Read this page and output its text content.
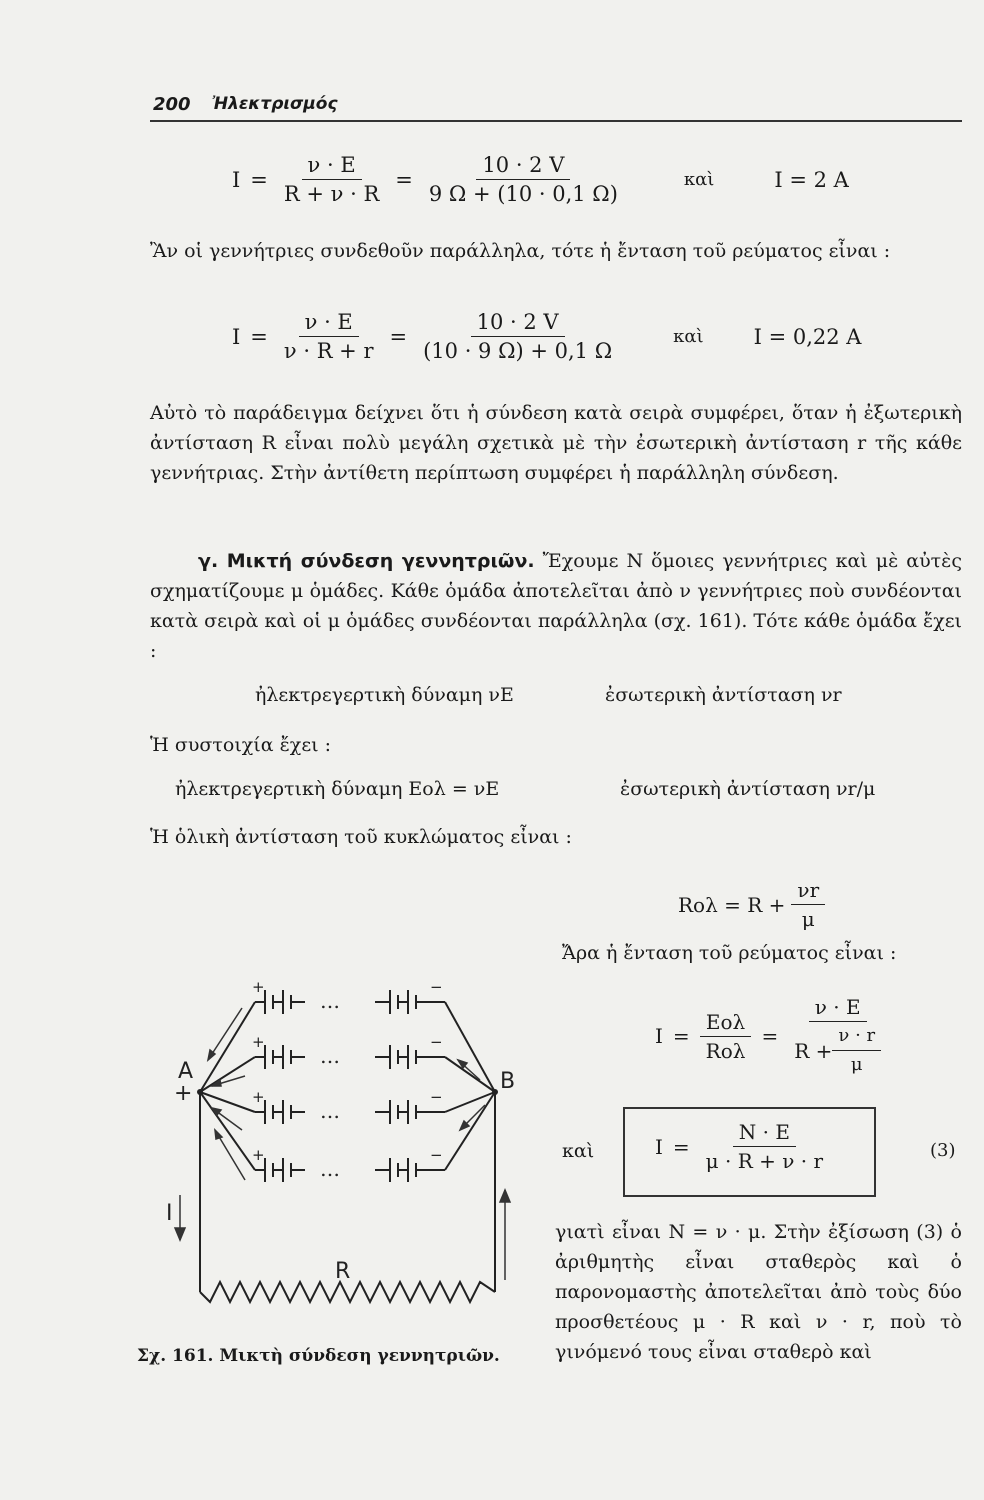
200 Ἠλεκτρισμός
$I = \frac{\nu \cdot E}{R + \nu \cdot R} = \frac{10 \cdot 2 V}{9 \Omega + (10 \cdot 0,1 \Omega)}$	καὶ	I = 2 A
Ἂν οἱ γεννήτριες συνδεθοῦν παράλληλα, τότε ἡ ἔνταση τοῦ ρεύματος εἶναι :
$I = \frac{\nu \cdot E}{\nu \cdot R + r} = \frac{10 \cdot 2 V}{(10 \cdot 9 \Omega) + 0,1 \Omega}$	καὶ I = 0,22 A
Αὐτὸ τὸ παράδειγμα δείχνει ὅτι ἡ σύνδεση κατὰ σειρὰ συμφέρει, ὅταν ἡ ἐξωτερικὴ ἀντίσταση R εἶναι πολὺ μεγάλη σχετικὰ μὲ τὴν ἐσωτερικὴ ἀντίσταση r τῆς κάθε γεννήτριας. Στὴν ἀντίθετη περίπτωση συμφέρει ἡ παράλληλη σύνδεση.
γ. Μικτή σύνδεση γεννητριῶν. Ἔχουμε N ὅμοιες γεννήτριες καὶ μὲ αὐτὲς σχηματίζουμε μ ὁμάδες. Κάθε ὁμάδα ἀποτελεῖται ἀπὸ ν γεννήτριες ποὺ συνδέονται κατὰ σειρὰ καὶ οἱ μ ὁμάδες συνδέονται παράλληλα (σχ. 161). Τότε κάθε ὁμάδα ἔχει :
ἠλεκτρεγερτικὴ δύναμη νE	ἐσωτερικὴ ἀντίσταση νr
Ἡ συστοιχία ἔχει :
ἠλεκτρεγερτικὴ δύναμη Eολ = νE	ἐσωτερικὴ ἀντίσταση νr/μ
Ἡ ὁλικὴ ἀντίσταση τοῦ κυκλώματος εἶναι :
$Ro\lambda = R + \frac{\nu r}{\mu}$
Ἄρα ἡ ἔνταση τοῦ ρεύματος εἶναι :
$I = \frac{\text{Eολ}}{\text{Rολ}} = \frac{\nu \cdot E}{R + \frac{\nu \cdot r}{\mu}}$
καὶ	$I = \frac{N \cdot E}{\mu \cdot R + \nu \cdot r}$	(3)
γιατὶ εἶναι N = ν · μ. Στὴν ἐξίσωση (3) ὁ ἀριθμητὴς εἶναι σταθερὸς καὶ ὁ παρονομαστὴς ἀποτελεῖται ἀπὸ τοὺς δύο προσθετέους μ · R καὶ ν · r, ποὺ τὸ γινόμενό τους εἶναι σταθερὸ καὶ
…
…
…
…
+	−
+	−
+	−
+	−
A
+	B
R
I
Σχ. 161. Μικτὴ σύνδεση γεννητριῶν.
